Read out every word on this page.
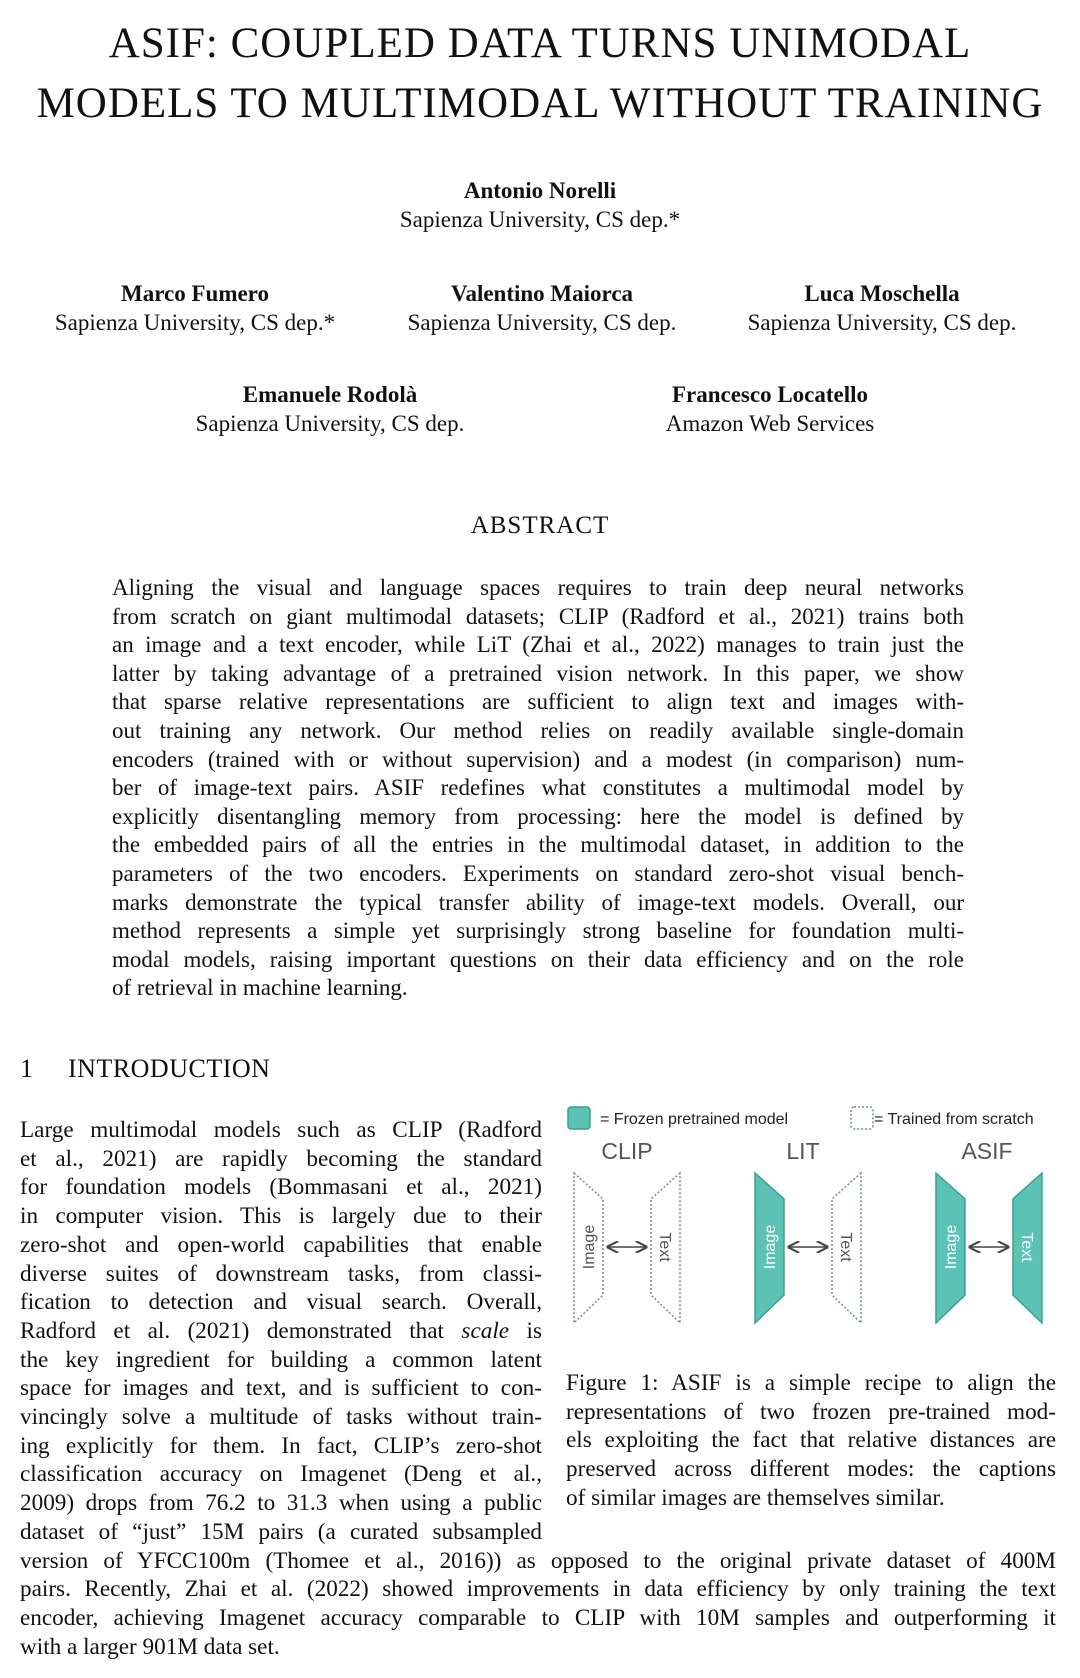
ASIF: COUPLED DATA TURNS UNIMODAL
MODELS TO MULTIMODAL WITHOUT TRAINING
Antonio Norelli
Sapienza University, CS dep.*
Marco Fumero
Sapienza University, CS dep.*
Valentino Maiorca
Sapienza University, CS dep.
Luca Moschella
Sapienza University, CS dep.
Emanuele Rodolà
Sapienza University, CS dep.
Francesco Locatello
Amazon Web Services
ABSTRACT
Aligning the visual and language spaces requires to train deep neural networks
from scratch on giant multimodal datasets; CLIP (Radford et al., 2021) trains both
an image and a text encoder, while LiT (Zhai et al., 2022) manages to train just the
latter by taking advantage of a pretrained vision network. In this paper, we show
that sparse relative representations are sufficient to align text and images with-
out training any network. Our method relies on readily available single-domain
encoders (trained with or without supervision) and a modest (in comparison) num-
ber of image-text pairs. ASIF redefines what constitutes a multimodal model by
explicitly disentangling memory from processing: here the model is defined by
the embedded pairs of all the entries in the multimodal dataset, in addition to the
parameters of the two encoders. Experiments on standard zero-shot visual bench-
marks demonstrate the typical transfer ability of image-text models. Overall, our
method represents a simple yet surprisingly strong baseline for foundation multi-
modal models, raising important questions on their data efficiency and on the role
of retrieval in machine learning.
1 INTRODUCTION
Large multimodal models such as CLIP (Radford
et al., 2021) are rapidly becoming the standard
for foundation models (Bommasani et al., 2021)
in computer vision. This is largely due to their
zero-shot and open-world capabilities that enable
diverse suites of downstream tasks, from classi-
fication to detection and visual search. Overall,
Radford et al. (2021) demonstrated that scale is
the key ingredient for building a common latent
space for images and text, and is sufficient to con-
vincingly solve a multitude of tasks without train-
ing explicitly for them. In fact, CLIP’s zero-shot
classification accuracy on Imagenet (Deng et al.,
2009) drops from 76.2 to 31.3 when using a public
dataset of “just” 15M pairs (a curated subsampled
version of YFCC100m (Thomee et al., 2016)) as opposed to the original private dataset of 400M
pairs. Recently, Zhai et al. (2022) showed improvements in data efficiency by only training the text
encoder, achieving Imagenet accuracy comparable to CLIP with 10M samples and outperforming it
with a larger 901M data set.
= Frozen pretrained model	= Trained from scratch
CLIP	LIT	ASIF
Image	Text	Image	Text	Image	Text
Figure 1: ASIF is a simple recipe to align the
representations of two frozen pre-trained mod-
els exploiting the fact that relative distances are
preserved across different modes: the captions
of similar images are themselves similar.
